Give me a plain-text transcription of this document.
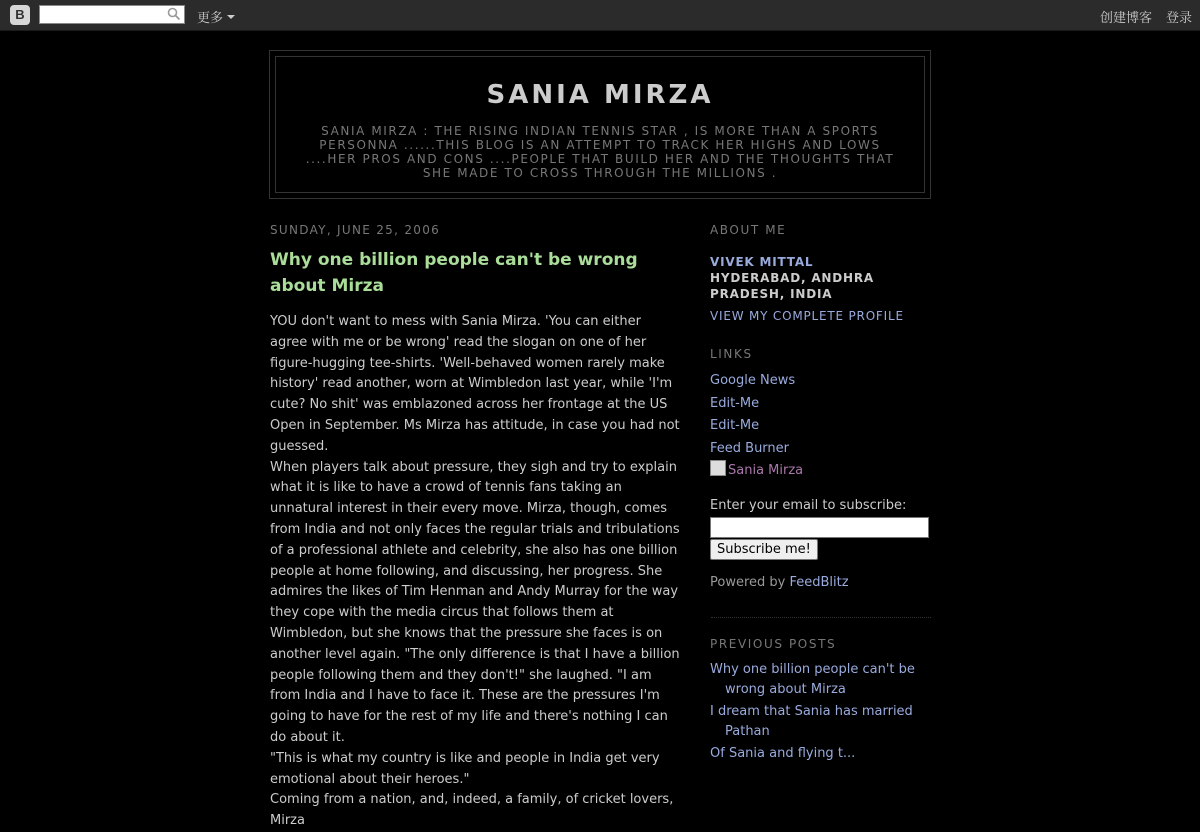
B	更多	创建博客 登录
SANIA MIRZA

SANIA MIRZA : THE RISING INDIAN TENNIS STAR , IS MORE THAN A SPORTS PERSONNA ......THIS BLOG IS AN ATTEMPT TO TRACK HER HIGHS AND LOWS ....HER PROS AND CONS ....PEOPLE THAT BUILD HER AND THE THOUGHTS THAT SHE MADE TO CROSS THROUGH THE MILLIONS .

SUNDAY, JUNE 25, 2006
Why one billion people can't be wrong about Mirza

YOU don't want to mess with Sania Mirza. 'You can either agree with me or be wrong' read the slogan on one of her figure-hugging tee-shirts. 'Well-behaved women rarely make history' read another, worn at Wimbledon last year, while 'I'm cute? No shit' was emblazoned across her frontage at the US Open in September. Ms Mirza has attitude, in case you had not guessed.

When players talk about pressure, they sigh and try to explain what it is like to have a crowd of tennis fans taking an unnatural interest in their every move. Mirza, though, comes from India and not only faces the regular trials and tribulations of a professional athlete and celebrity, she also has one billion people at home following, and discussing, her progress. She admires the likes of Tim Henman and Andy Murray for the way they cope with the media circus that follows them at Wimbledon, but she knows that the pressure she faces is on another level again. "The only difference is that I have a billion people following them and they don't!" she laughed. "I am from India and I have to face it. These are the pressures I'm going to have for the rest of my life and there's nothing I can do about it.

"This is what my country is like and people in India get very emotional about their heroes."

Coming from a nation, and, indeed, a family, of cricket lovers, Mirza

ABOUT ME
VIVEK MITTAL
HYDERABAD, ANDHRA PRADESH, INDIA
VIEW MY COMPLETE PROFILE
LINKS
Google News
Edit-Me
Edit-Me
Feed Burner
Sania Mirza
Enter your email to subscribe:
Subscribe me!
Powered by FeedBlitz
PREVIOUS POSTS
Why one billion people can't be wrong about Mirza
I dream that Sania has married Pathan
Of Sania and flying t...
